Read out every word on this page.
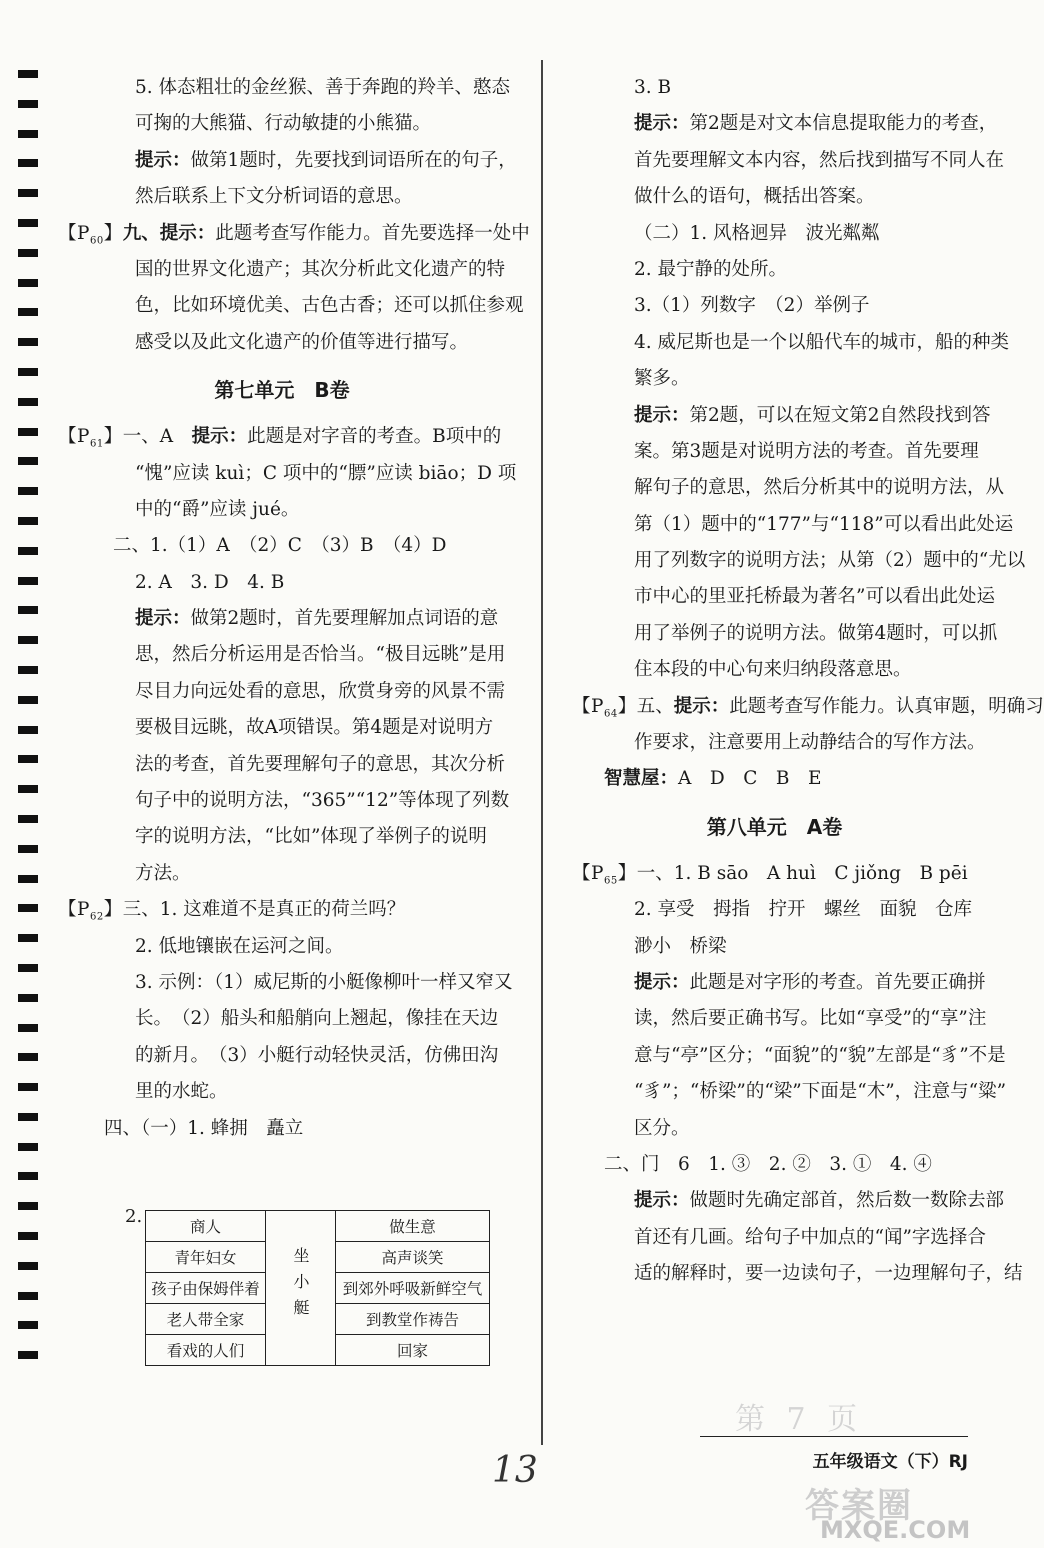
5. 体态粗壮的金丝猴、善于奔跑的羚羊、憨态
可掬的大熊猫、行动敏捷的小熊猫。
提示：做第1题时，先要找到词语所在的句子，
然后联系上下文分析词语的意思。
【$P_{60}$】九、提示：此题考查写作能力。首先要选择一处中
国的世界文化遗产；其次分析此文化遗产的特
色，比如环境优美、古色古香；还可以抓住参观
感受以及此文化遗产的价值等进行描写。
第七单元　B卷
【$P_{61}$】一、A　提示：此题是对字音的考查。B项中的
“愧”应读 kuì；C 项中的“膘”应读 biāo；D 项
中的“爵”应读 jué。
二、1.（1）A　（2）C　（3）B　（4）D
2. A　3. D　4. B
提示：做第2题时，首先要理解加点词语的意
思，然后分析运用是否恰当。“极目远眺”是用
尽目力向远处看的意思，欣赏身旁的风景不需
要极目远眺，故A项错误。第4题是对说明方
法的考查，首先要理解句子的意思，其次分析
句子中的说明方法，“365”“12”等体现了列数
字的说明方法，“比如”体现了举例子的说明
方法。
【$P_{62}$】三、1. 这难道不是真正的荷兰吗？
2. 低地镶嵌在运河之间。
3. 示例：（1）威尼斯的小艇像柳叶一样又窄又
长。　（2）船头和船艄向上翘起，像挂在天边
的新月。　（3）小艇行动轻快灵活，仿佛田沟
里的水蛇。
四、（一）1. 蜂拥　矗立
3. B
提示：第2题是对文本信息提取能力的考查，
首先要理解文本内容，然后找到描写不同人在
做什么的语句，概括出答案。
（二）1. 风格迥异　波光粼粼
2. 最宁静的处所。
3.（1）列数字　（2）举例子
4. 威尼斯也是一个以船代车的城市，船的种类
繁多。
提示：第2题，可以在短文第2自然段找到答
案。第3题是对说明方法的考查。首先要理
解句子的意思，然后分析其中的说明方法，从
第（1）题中的“177”与“118”可以看出此处运
用了列数字的说明方法；从第（2）题中的“尤以
市中心的里亚托桥最为著名”可以看出此处运
用了举例子的说明方法。做第4题时，可以抓
住本段的中心句来归纳段落意思。
【$P_{64}$】五、提示：此题考查写作能力。认真审题，明确习
作要求，注意要用上动静结合的写作方法。
智慧屋：A　D　C　B　E
第八单元　A卷
【$P_{65}$】一、1. B sāo　A huì　C jiǒng　B pēi
2. 享受　拇指　拧开　螺丝　面貌　仓库
渺小　桥梁
提示：此题是对字形的考查。首先要正确拼
读，然后要正确书写。比如“享受”的“享”注
意与“亭”区分；“面貌”的“貌”左部是“豸”不是
“豸”；“桥梁”的“梁”下面是“木”，注意与“粱”
区分。
二、门　6　1. ③　2. ②　3. ①　4. ④
提示：做题时先确定部首，然后数一数除去部
首还有几画。给句子中加点的“闻”字选择合
适的解释时，要一边读句子，一边理解句子，结
2.	商人	坐小艇	做生意
青年妇女		高声谈笑
孩子由保姆伴着		到郊外呼吸新鲜空气
老人带全家		到教堂作祷告
看戏的人们		回家
第 7 页
五年级语文（下）RJ
13
答案圈
MXQE.COM
